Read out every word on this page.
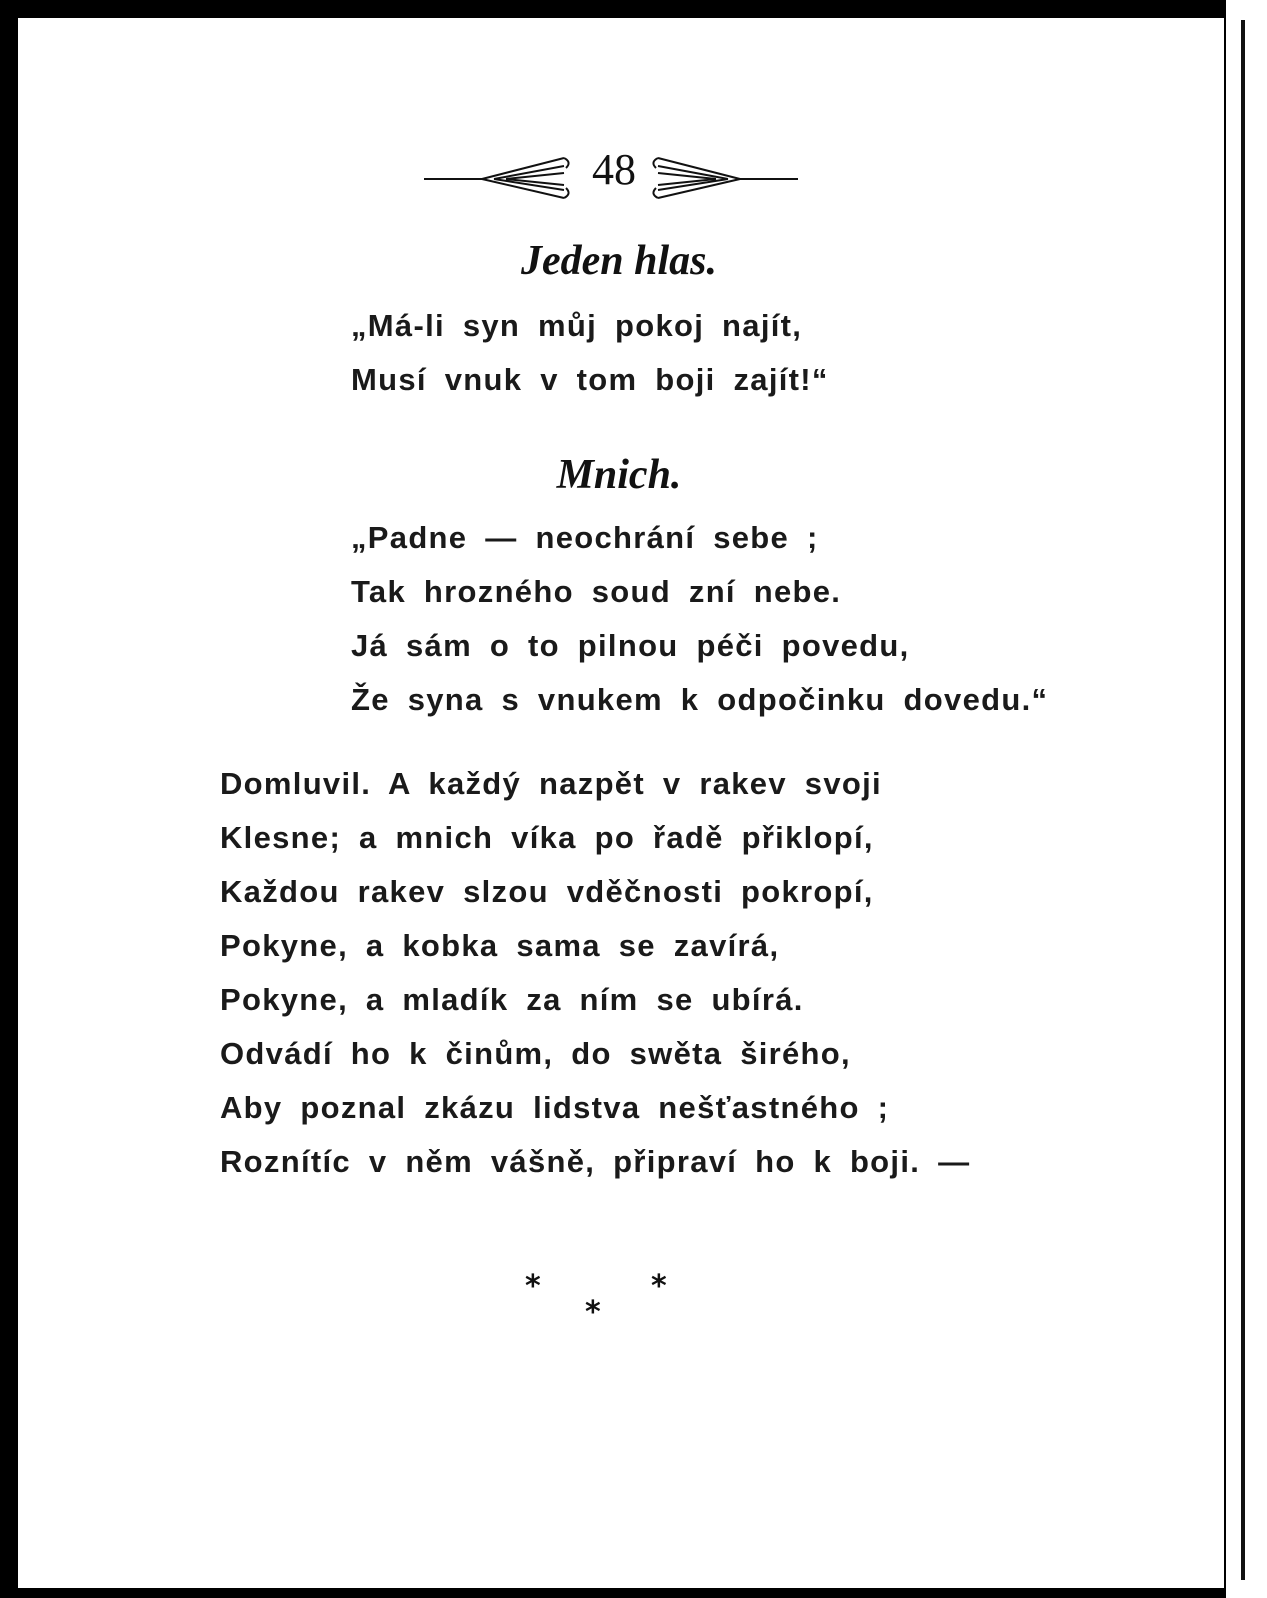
48
Jeden hlas.
„Má-li syn můj pokoj najít,
Musí vnuk v tom boji zajít!“
Mnich.
„Padne — neochrání sebe ;
Tak hrozného soud zní nebe.
Já sám o to pilnou péči povedu,
Že syna s vnukem k odpočinku dovedu.“
Domluvil. A každý nazpět v rakev svoji
Klesne; a mnich víka po řadě přiklopí,
Každou rakev slzou vděčnosti pokropí,
Pokyne, a kobka sama se zavírá,
Pokyne, a mladík za ním se ubírá.
Odvádí ho k činům, do swěta širého,
Aby poznal zkázu lidstva nešťastného ;
Roznítíc v něm vášně, připraví ho k boji. —
*
*
*
